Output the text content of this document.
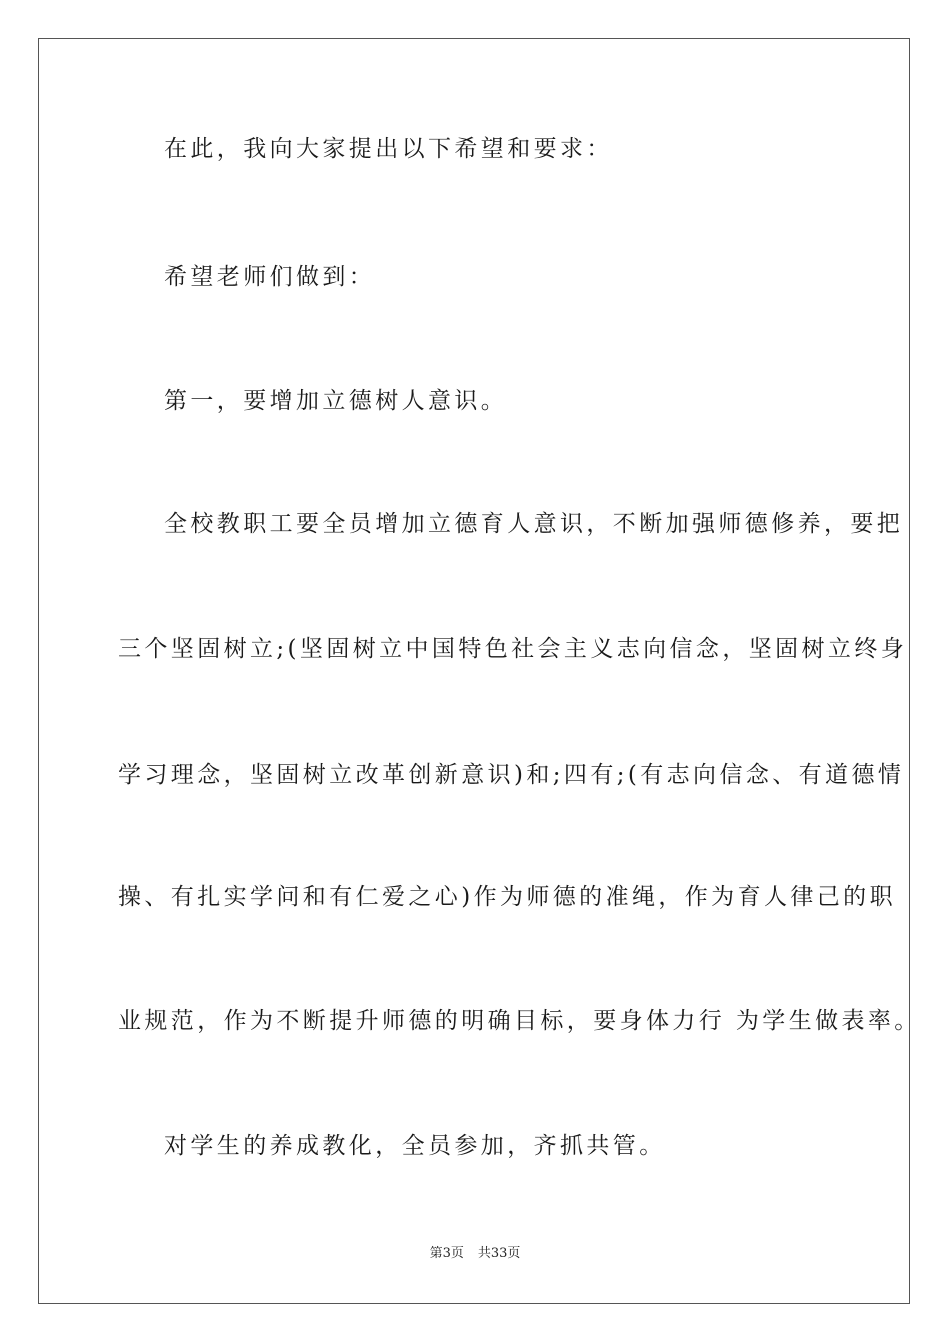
在此，我向大家提出以下希望和要求：
希望老师们做到：
第一，要增加立德树人意识。
全校教职工要全员增加立德育人意识，不断加强师德修养，要把
三个坚固树立;(坚固树立中国特色社会主义志向信念，坚固树立终身
学习理念，坚固树立改革创新意识)和;四有;(有志向信念、有道德情
操、有扎实学问和有仁爱之心)作为师德的准绳，作为育人律己的职
业规范，作为不断提升师德的明确目标，要身体力行 为学生做表率。
对学生的养成教化，全员参加，齐抓共管。
第3页 共33页
